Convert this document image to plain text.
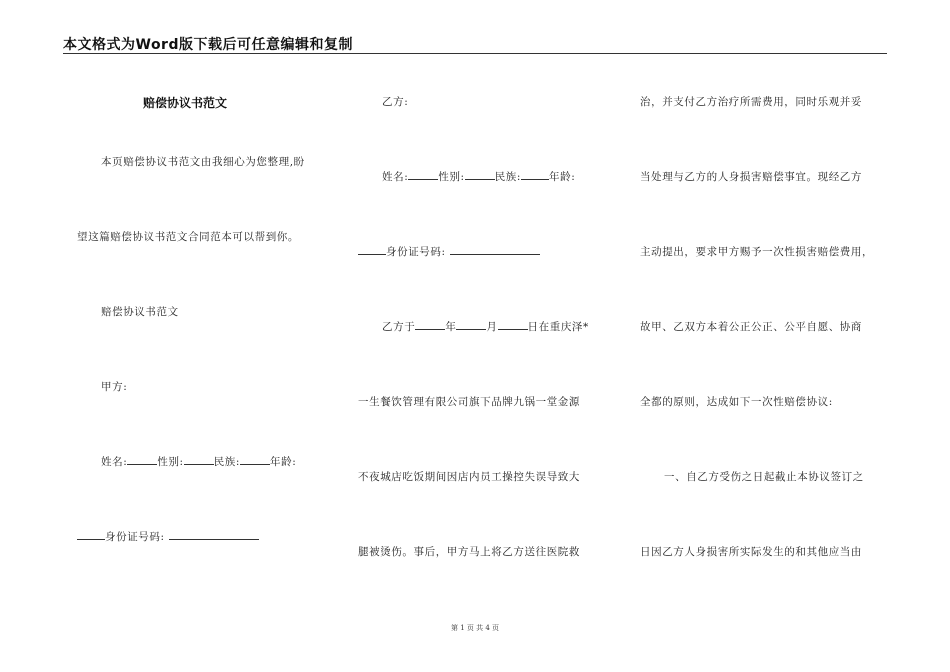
本文格式为Word版下载后可任意编辑和复制
赔偿协议书范文
本页赔偿协议书范文由我细心为您整理,盼
望这篇赔偿协议书范文合同范本可以帮到你。
赔偿协议书范文
甲方:
姓名:	性别:	民族:	年龄:
身份证号码:
乙方:
姓名:	性别:	民族:	年龄:
身份证号码:
乙方于	年	月	日在重庆泽*
一生餐饮管理有限公司旗下品牌九锅一堂金源
不夜城店吃饭期间因店内员工操控失误导致大
腿被烫伤。事后，甲方马上将乙方送往医院救
治，并支付乙方治疗所需费用，同时乐观并妥
当处理与乙方的人身损害赔偿事宜。现经乙方
主动提出，要求甲方赐予一次性损害赔偿费用，
故甲、乙双方本着公正公正、公平自愿、协商
全都的原则，达成如下一次性赔偿协议:
一、自乙方受伤之日起截止本协议签订之
日因乙方人身损害所实际发生的和其他应当由
第 1 页 共 4 页
